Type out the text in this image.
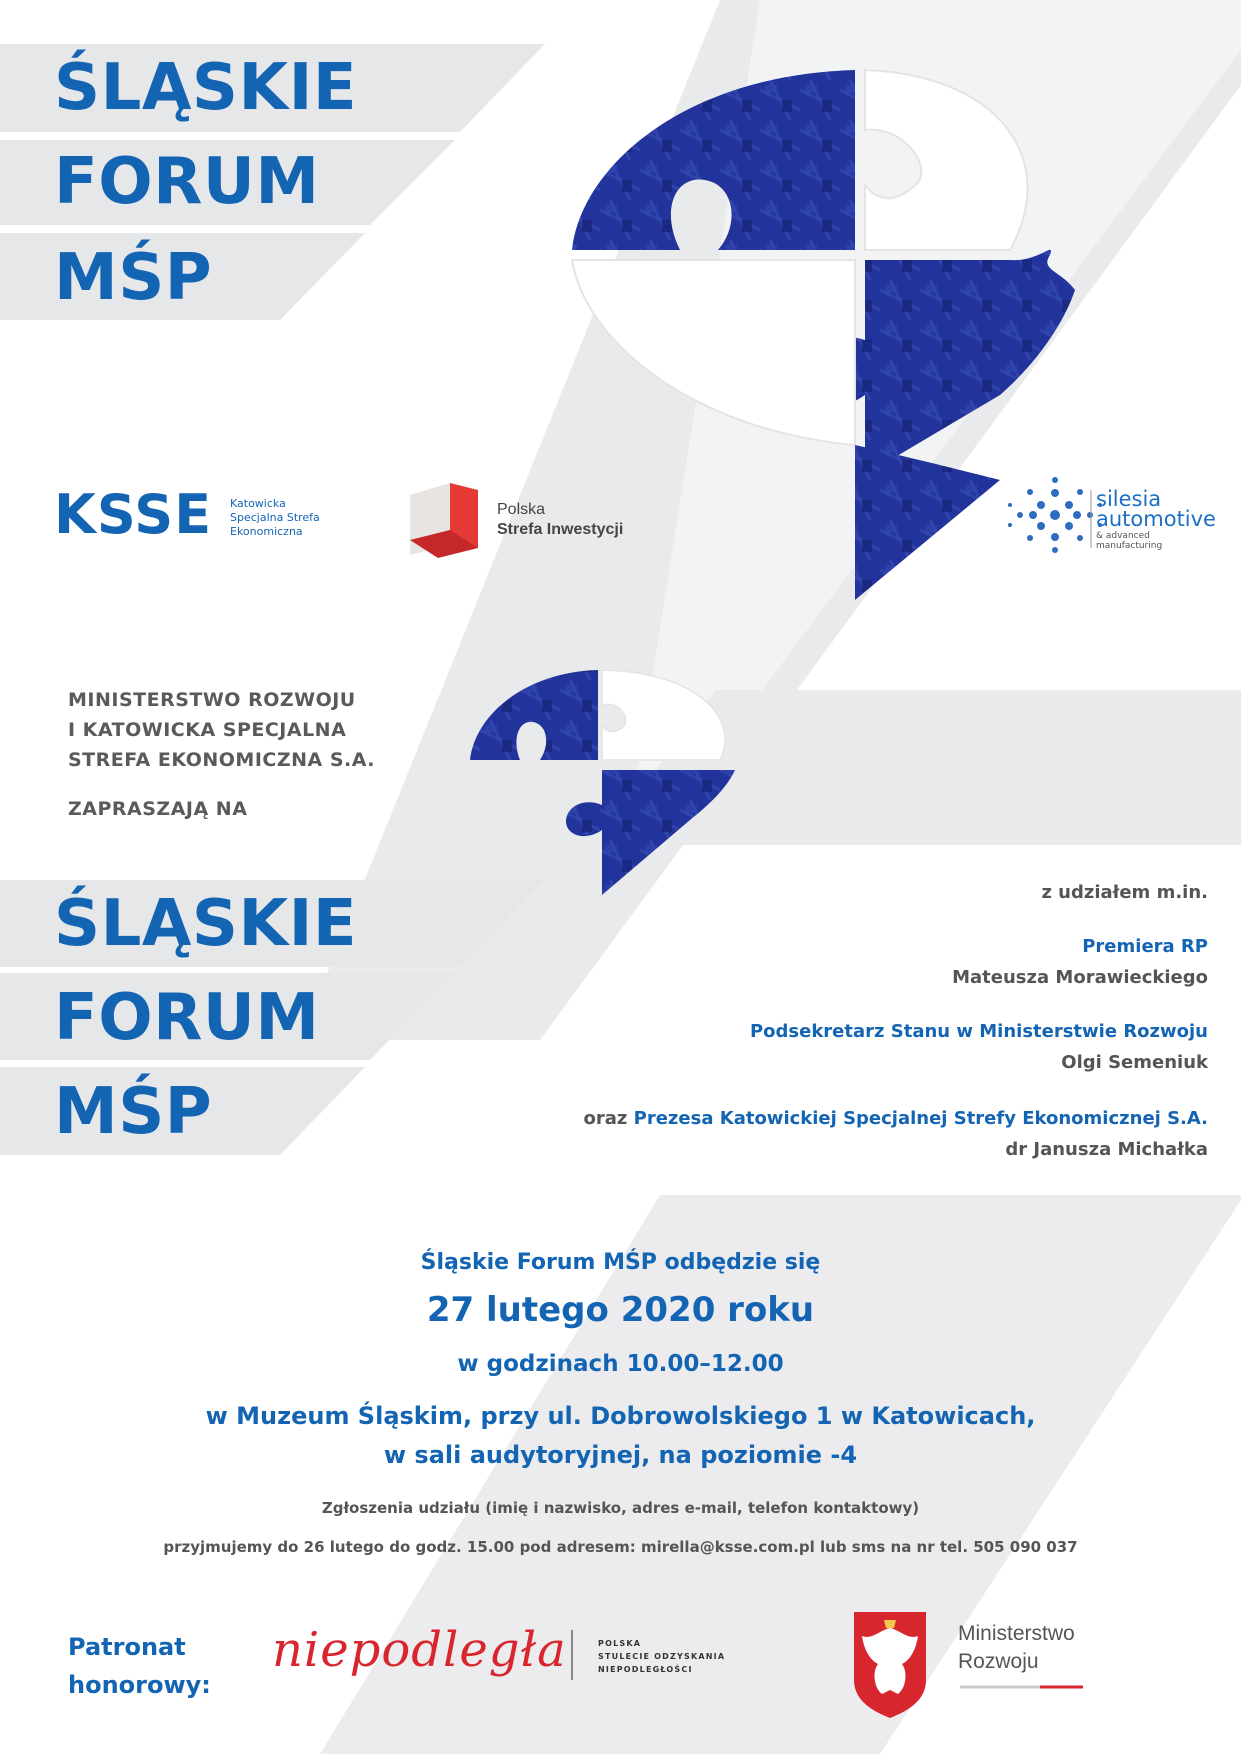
ŚLĄSKIE
FORUM
MŚP
KSSE Katowicka
Specjalna Strefa
Ekonomiczna
Polska
Strefa Inwestycji
silesia
automotive
& advanced
manufacturing
MINISTERSTWO ROZWOJU
I KATOWICKA SPECJALNA
STREFA EKONOMICZNA S.A.
ZAPRASZAJĄ NA
ŚLĄSKIE
FORUM
MŚP
z udziałem m.in.
Premiera RP
Mateusza Morawieckiego
Podsekretarz Stanu w Ministerstwie Rozwoju
Olgi Semeniuk
oraz Prezesa Katowickiej Specjalnej Strefy Ekonomicznej S.A.
dr Janusza Michałka
Śląskie Forum MŚP odbędzie się
27 lutego 2020 roku
w godzinach 10.00–12.00
w Muzeum Śląskim, przy ul. Dobrowolskiego 1 w Katowicach,
w sali audytoryjnej, na poziomie -4
Zgłoszenia udziału (imię i nazwisko, adres e-mail, telefon kontaktowy)
przyjmujemy do 26 lutego do godz. 15.00 pod adresem: mirella@ksse.com.pl lub sms na nr tel. 505 090 037
Patronat
honorowy:
niepodległa	POLSKA
STULECIE ODZYSKANIA
NIEPODLEGŁOŚCI
Ministerstwo
Rozwoju
